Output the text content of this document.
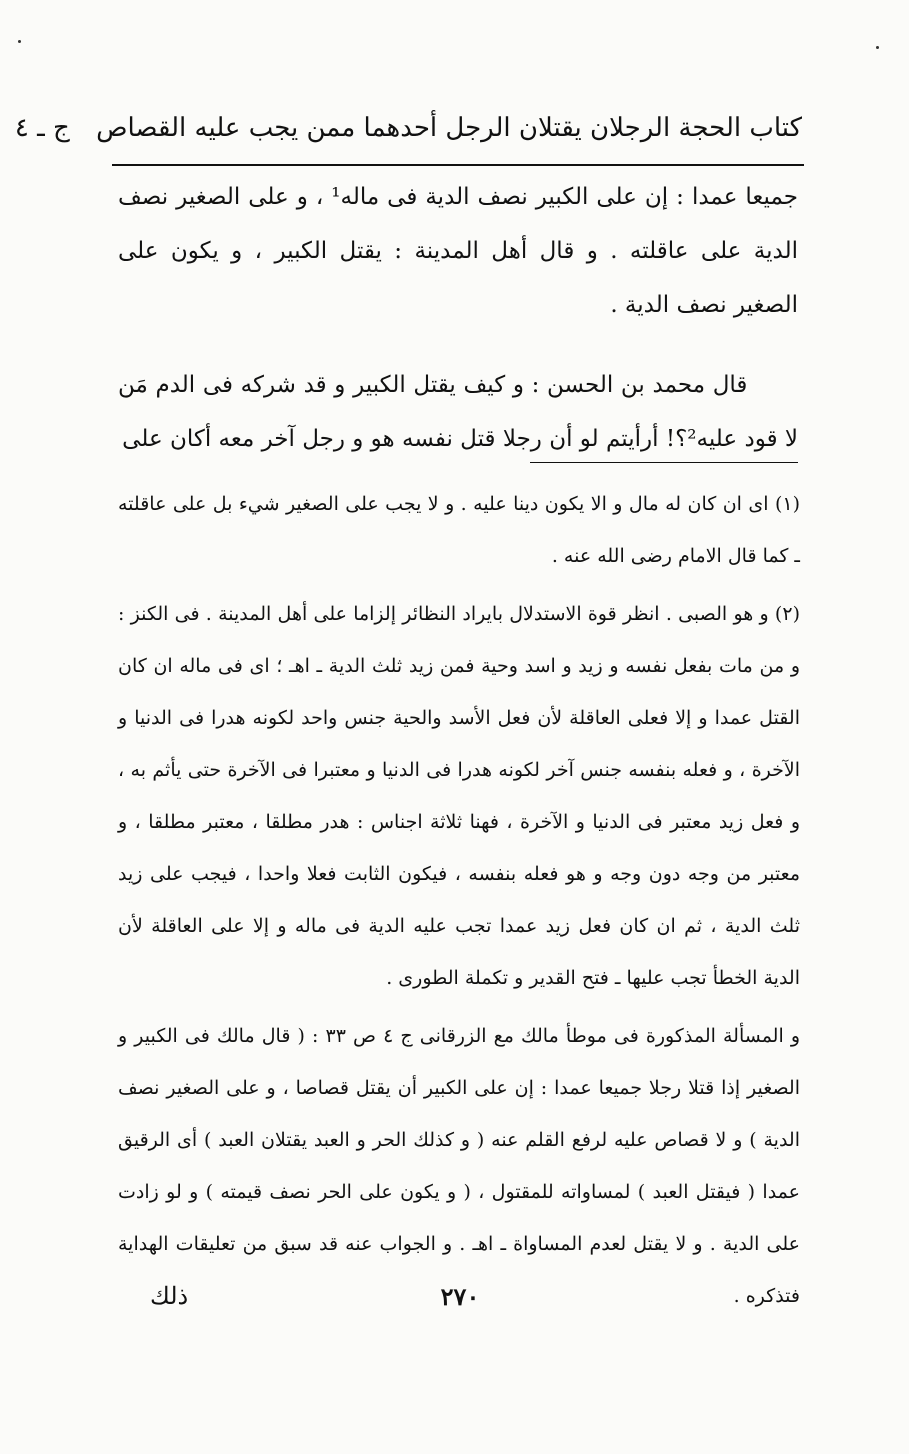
كتاب الحجة الرجلان يقتلان الرجل أحدهما ممن يجب عليه القصاص ج ـ ٤

جميعا عمدا : إن على الكبير نصف الدية فى ماله¹ ، و على الصغير نصف الدية على عاقلته . و قال أهل المدينة : يقتل الكبير ، و يكون على الصغير نصف الدية .

قال محمد بن الحسن : و كيف يقتل الكبير و قد شركه فى الدم مَن لا قود عليه²؟! أرأيتم لو أن رجلا قتل نفسه هو و رجل آخر معه أكان على

(١) اى ان كان له مال و الا يكون دينا عليه . و لا يجب على الصغير شيء بل على عاقلته ـ كما قال الامام رضى الله عنه .

(٢) و هو الصبى . انظر قوة الاستدلال بايراد النظائر إلزاما على أهل المدينة . فى الكنز : و من مات بفعل نفسه و زيد و اسد وحية فمن زيد ثلث الدية ـ اهـ ؛ اى فى ماله ان كان القتل عمدا و إلا فعلى العاقلة لأن فعل الأسد والحية جنس واحد لكونه هدرا فى الدنيا و الآخرة ، و فعله بنفسه جنس آخر لكونه هدرا فى الدنيا و معتبرا فى الآخرة حتى يأثم به ، و فعل زيد معتبر فى الدنيا و الآخرة ، فهنا ثلاثة اجناس : هدر مطلقا ، معتبر مطلقا ، و معتبر من وجه دون وجه و هو فعله بنفسه ، فيكون الثابت فعلا واحدا ، فيجب على زيد ثلث الدية ، ثم ان كان فعل زيد عمدا تجب عليه الدية فى ماله و إلا على العاقلة لأن الدية الخطأ تجب عليها ـ فتح القدير و تكملة الطورى .

و المسألة المذكورة فى موطأ مالك مع الزرقانى ج ٤ ص ٣٣ : ( قال مالك فى الكبير و الصغير إذا قتلا رجلا جميعا عمدا : إن على الكبير أن يقتل قصاصا ، و على الصغير نصف الدية ) و لا قصاص عليه لرفع القلم عنه ( و كذلك الحر و العبد يقتلان العبد ) أى الرقيق عمدا ( فيقتل العبد ) لمساواته للمقتول ، ( و يكون على الحر نصف قيمته ) و لو زادت على الدية . و لا يقتل لعدم المساواة ـ اهـ . و الجواب عنه قد سبق من تعليقات الهداية فتذكره .

٢٧٠
ذلك
